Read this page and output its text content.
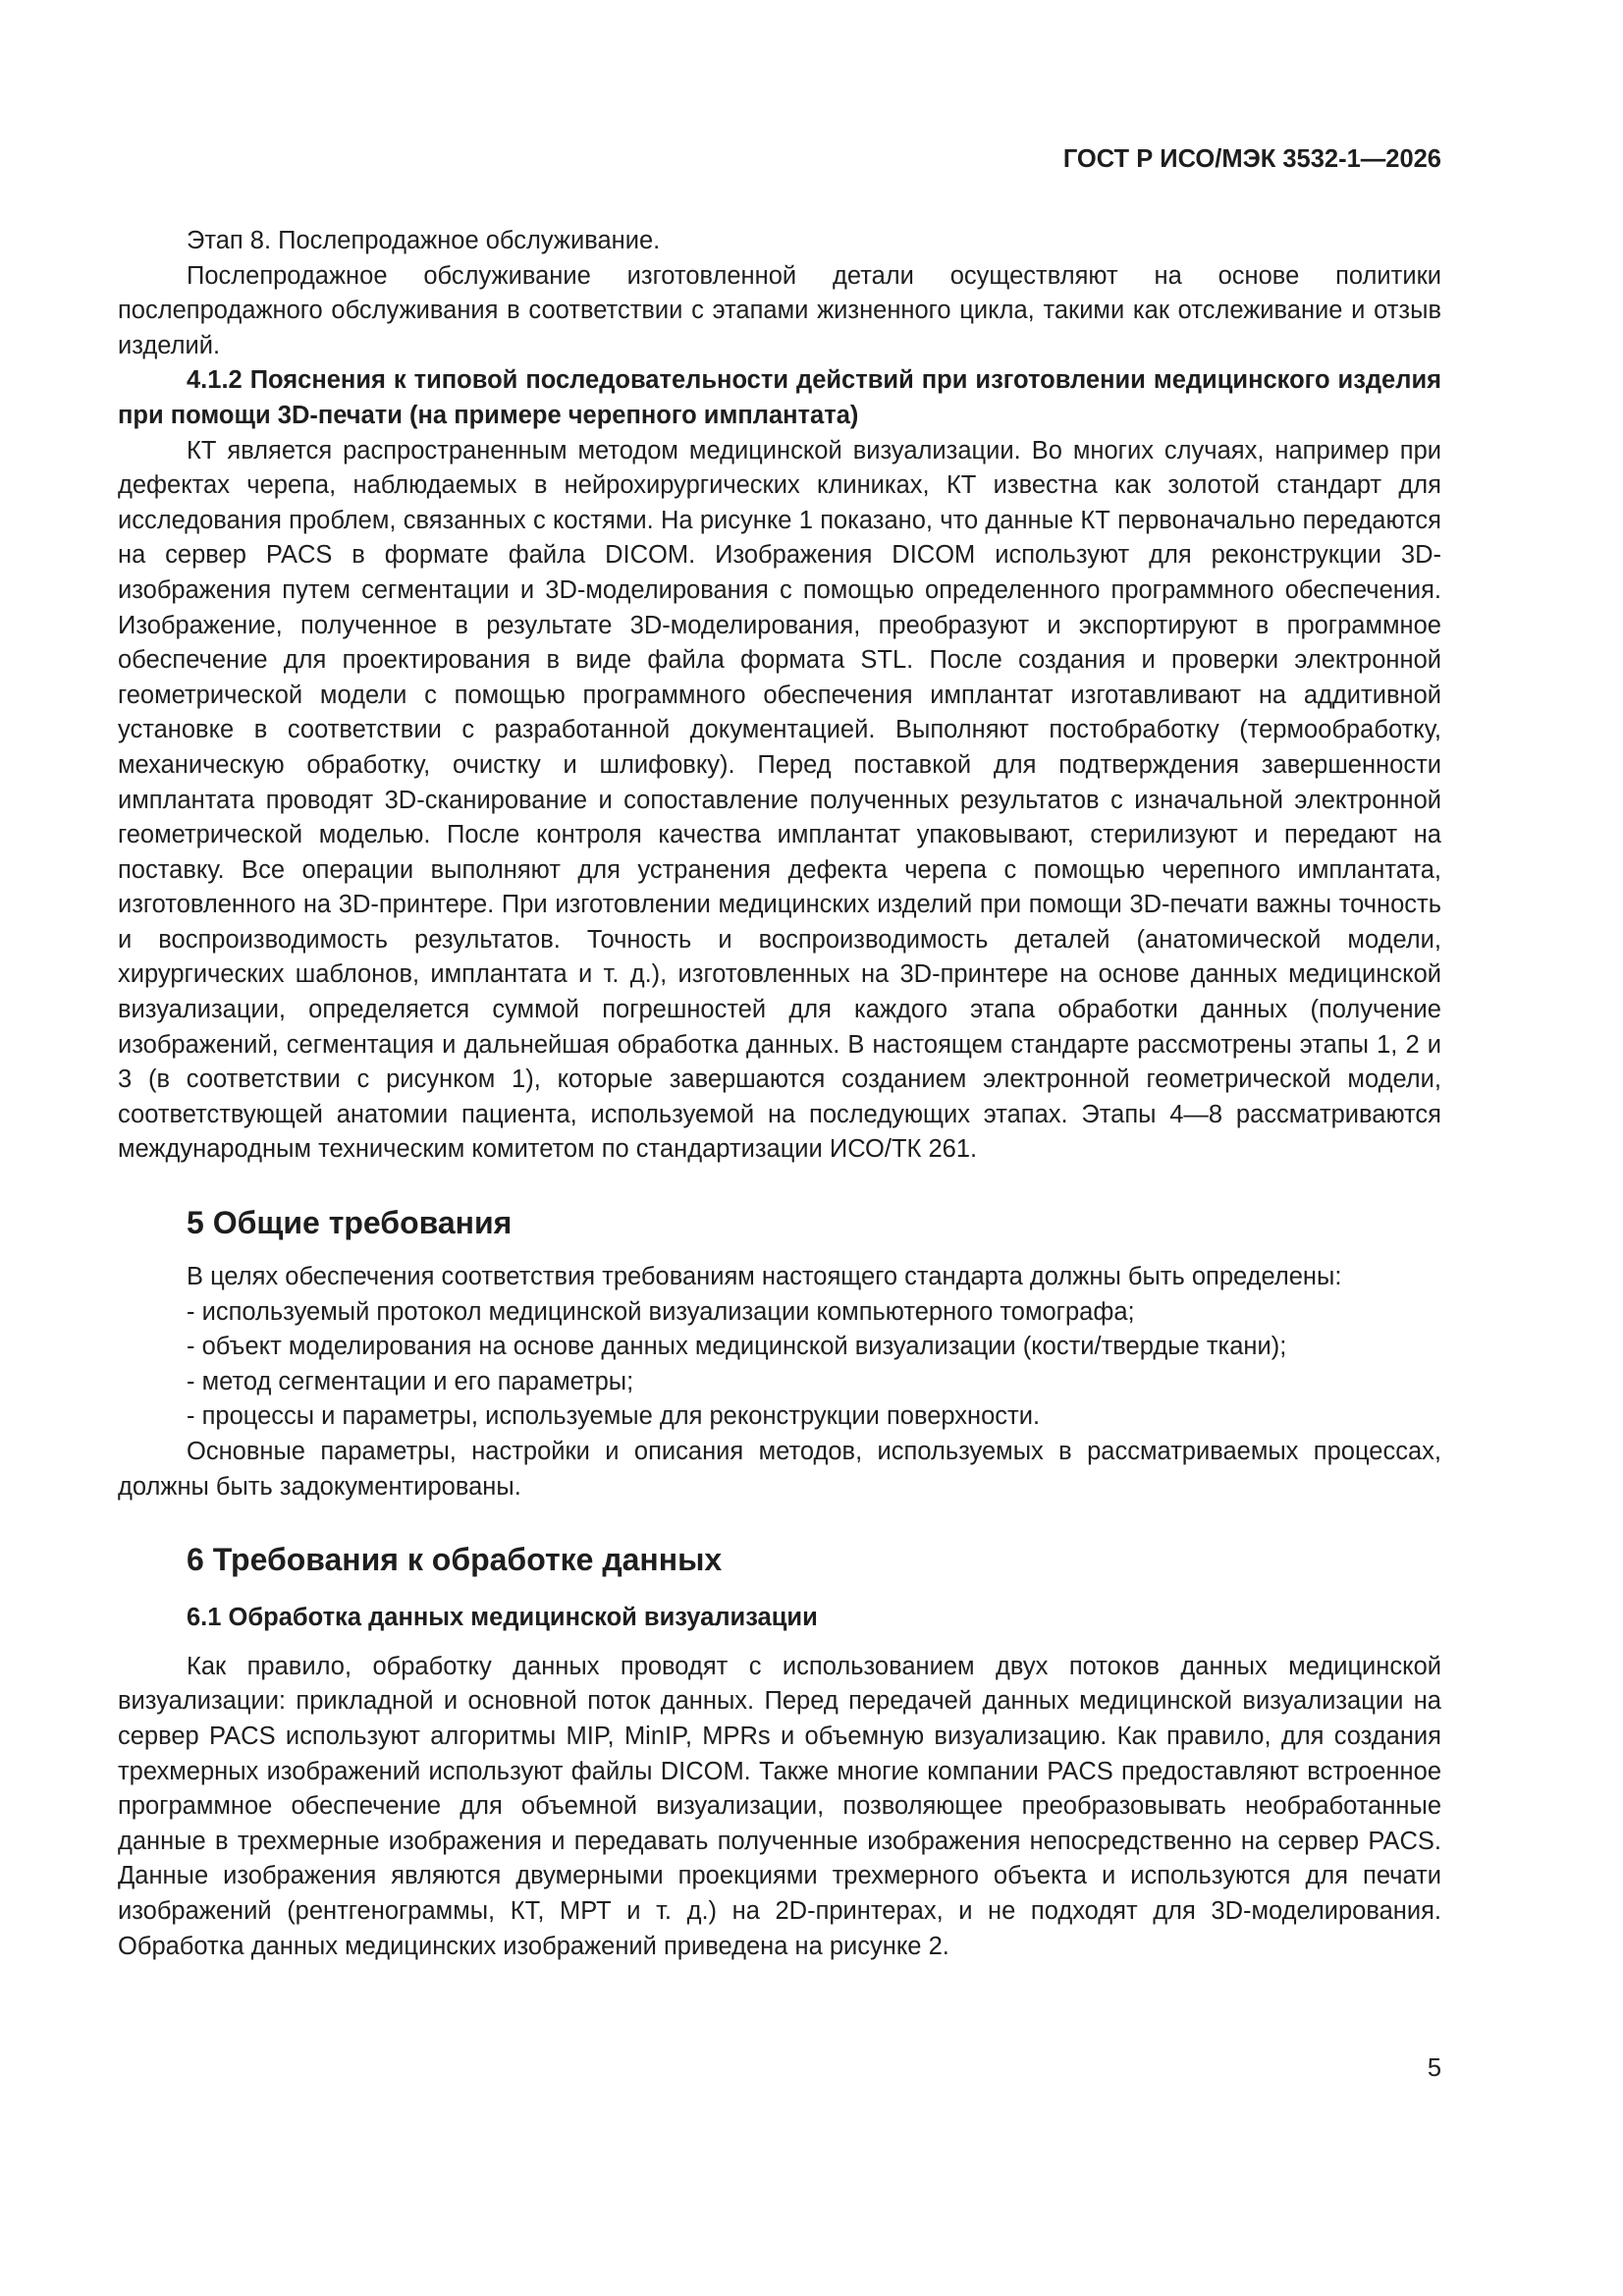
ГОСТ Р ИСО/МЭК 3532-1—2026

Этап 8. Послепродажное обслуживание.

Послепродажное обслуживание изготовленной детали осуществляют на основе политики послепродажного обслуживания в соответствии с этапами жизненного цикла, такими как отслеживание и отзыв изделий.

4.1.2 Пояснения к типовой последовательности действий при изготовлении медицинского изделия при помощи 3D-печати (на примере черепного имплантата)

КТ является распространенным методом медицинской визуализации. Во многих случаях, например при дефектах черепа, наблюдаемых в нейрохирургических клиниках, КТ известна как золотой стандарт для исследования проблем, связанных с костями. На рисунке 1 показано, что данные КТ первоначально передаются на сервер PACS в формате файла DICOM. Изображения DICOM используют для реконструкции 3D-изображения путем сегментации и 3D-моделирования с помощью определенного программного обеспечения. Изображение, полученное в результате 3D-моделирования, преобразуют и экспортируют в программное обеспечение для проектирования в виде файла формата STL. После создания и проверки электронной геометрической модели с помощью программного обеспечения имплантат изготавливают на аддитивной установке в соответствии с разработанной документацией. Выполняют постобработку (термообработку, механическую обработку, очистку и шлифовку). Перед поставкой для подтверждения завершенности имплантата проводят 3D-сканирование и сопоставление полученных результатов с изначальной электронной геометрической моделью. После контроля качества имплантат упаковывают, стерилизуют и передают на поставку. Все операции выполняют для устранения дефекта черепа с помощью черепного имплантата, изготовленного на 3D-принтере. При изготовлении медицинских изделий при помощи 3D-печати важны точность и воспроизводимость результатов. Точность и воспроизводимость деталей (анатомической модели, хирургических шаблонов, имплантата и т. д.), изготовленных на 3D-принтере на основе данных медицинской визуализации, определяется суммой погрешностей для каждого этапа обработки данных (получение изображений, сегментация и дальнейшая обработка данных. В настоящем стандарте рассмотрены этапы 1, 2 и 3 (в соответствии с рисунком 1), которые завершаются созданием электронной геометрической модели, соответствующей анатомии пациента, используемой на последующих этапах. Этапы 4—8 рассматриваются международным техническим комитетом по стандартизации ИСО/ТК 261.

5 Общие требования

В целях обеспечения соответствия требованиям настоящего стандарта должны быть определены:

- используемый протокол медицинской визуализации компьютерного томографа;

- объект моделирования на основе данных медицинской визуализации (кости/твердые ткани);

- метод сегментации и его параметры;

- процессы и параметры, используемые для реконструкции поверхности.

Основные параметры, настройки и описания методов, используемых в рассматриваемых процессах, должны быть задокументированы.

6 Требования к обработке данных

6.1 Обработка данных медицинской визуализации

Как правило, обработку данных проводят с использованием двух потоков данных медицинской визуализации: прикладной и основной поток данных. Перед передачей данных медицинской визуализации на сервер PACS используют алгоритмы MIP, MinIP, MPRs и объемную визуализацию. Как правило, для создания трехмерных изображений используют файлы DICOM. Также многие компании PACS предоставляют встроенное программное обеспечение для объемной визуализации, позволяющее преобразовывать необработанные данные в трехмерные изображения и передавать полученные изображения непосредственно на сервер PACS. Данные изображения являются двумерными проекциями трехмерного объекта и используются для печати изображений (рентгенограммы, КТ, МРТ и т. д.) на 2D-принтерах, и не подходят для 3D-моделирования. Обработка данных медицинских изображений приведена на рисунке 2.

5
